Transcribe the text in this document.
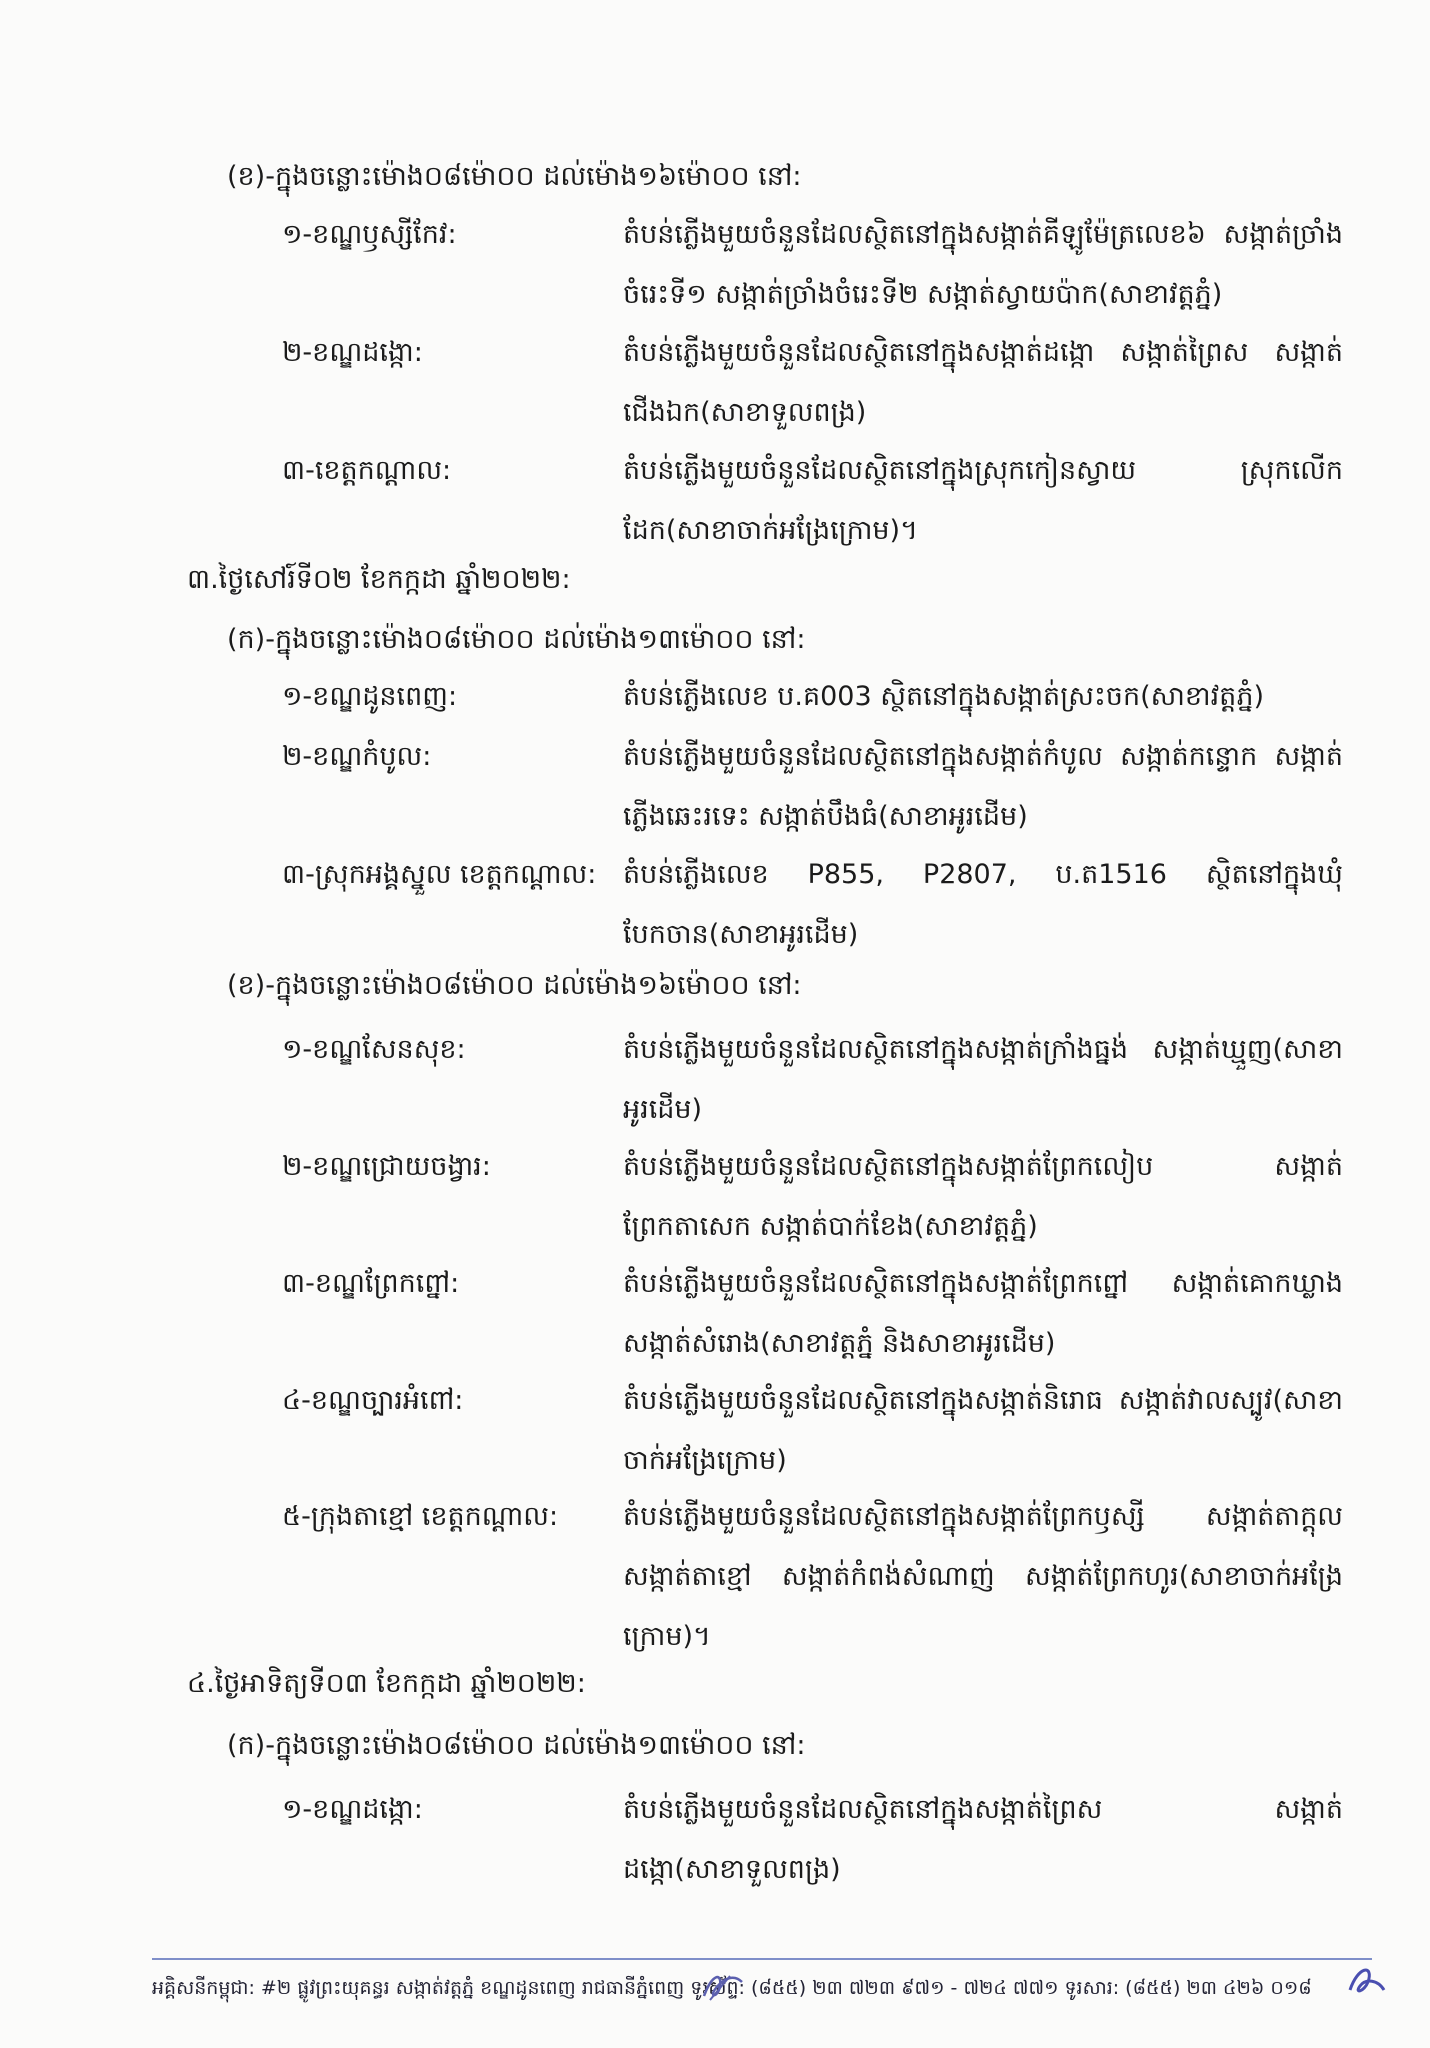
(ខ)-ក្នុងចន្លោះម៉ោង០៨ម៉ោ០០ ដល់ម៉ោង១៦ម៉ោ០០ នៅ:
១-ខណ្ឌឫស្សីកែវ:	តំបន់ភ្លើងមួយចំនួនដែលស្ថិតនៅក្នុងសង្កាត់គីឡូម៉ែត្រលេខ៦ សង្កាត់ច្រាំងចំរេះទី១ សង្កាត់ច្រាំងចំរេះទី២ សង្កាត់ស្វាយប៉ាក(សាខាវត្តភ្នំ)
២-ខណ្ឌដង្កោ:	តំបន់ភ្លើងមួយចំនួនដែលស្ថិតនៅក្នុងសង្កាត់ដង្កោ សង្កាត់ព្រៃស សង្កាត់ជើងឯក(សាខាទួលពង្រ)
៣-ខេត្តកណ្តាល:	តំបន់ភ្លើងមួយចំនួនដែលស្ថិតនៅក្នុងស្រុកកៀនស្វាយ ស្រុកលើកដែក(សាខាចាក់អង្រែក្រោម)។
៣.ថ្ងៃសៅរ៍ទី០២ ខែកក្កដា ឆ្នាំ២០២២:
(ក)-ក្នុងចន្លោះម៉ោង០៨ម៉ោ០០ ដល់ម៉ោង១៣ម៉ោ០០ នៅ:
១-ខណ្ឌដូនពេញ:	តំបន់ភ្លើងលេខ ប.គ003 ស្ថិតនៅក្នុងសង្កាត់ស្រះចក(សាខាវត្តភ្នំ)
២-ខណ្ឌកំបូល:	តំបន់ភ្លើងមួយចំនួនដែលស្ថិតនៅក្នុងសង្កាត់កំបូល សង្កាត់កន្ទោក សង្កាត់ភ្លើងឆេះរទេះ សង្កាត់បឹងធំ(សាខាអូរដើម)
៣-ស្រុកអង្គស្នួល ខេត្តកណ្តាល: តំបន់ភ្លើងលេខ P855, P2807, ប.ត1516 ស្ថិតនៅក្នុងឃុំបែកចាន(សាខាអូរដើម)
(ខ)-ក្នុងចន្លោះម៉ោង០៨ម៉ោ០០ ដល់ម៉ោង១៦ម៉ោ០០ នៅ:
១-ខណ្ឌសែនសុខ:	តំបន់ភ្លើងមួយចំនួនដែលស្ថិតនៅក្នុងសង្កាត់ក្រាំងធ្នង់ សង្កាត់ឃ្មួញ(សាខាអូរដើម)
២-ខណ្ឌជ្រោយចង្វារ:	តំបន់ភ្លើងមួយចំនួនដែលស្ថិតនៅក្នុងសង្កាត់ព្រែកលៀប សង្កាត់ព្រែកតាសេក សង្កាត់បាក់ខែង(សាខាវត្តភ្នំ)
៣-ខណ្ឌព្រែកព្នៅ:	តំបន់ភ្លើងមួយចំនួនដែលស្ថិតនៅក្នុងសង្កាត់ព្រែកព្នៅ សង្កាត់គោកឃ្លាង សង្កាត់សំរោង(សាខាវត្តភ្នំ និងសាខាអូរដើម)
៤-ខណ្ឌច្បារអំពៅ:	តំបន់ភ្លើងមួយចំនួនដែលស្ថិតនៅក្នុងសង្កាត់និរោធ សង្កាត់វាលស្បូវ(សាខាចាក់អង្រែក្រោម)
៥-ក្រុងតាខ្មៅ ខេត្តកណ្តាល: តំបន់ភ្លើងមួយចំនួនដែលស្ថិតនៅក្នុងសង្កាត់ព្រែកឫស្សី សង្កាត់តាក្តុល សង្កាត់តាខ្មៅ សង្កាត់កំពង់សំណាញ់ សង្កាត់ព្រែកហូរ(សាខាចាក់អង្រែក្រោម)។
៤.ថ្ងៃអាទិត្យទី០៣ ខែកក្កដា ឆ្នាំ២០២២:
(ក)-ក្នុងចន្លោះម៉ោង០៨ម៉ោ០០ ដល់ម៉ោង១៣ម៉ោ០០ នៅ:
១-ខណ្ឌដង្កោ:	តំបន់ភ្លើងមួយចំនួនដែលស្ថិតនៅក្នុងសង្កាត់ព្រៃស សង្កាត់ដង្កោ(សាខាទួលពង្រ)
អគ្គិសនីកម្ពុជា: #២ ផ្លូវព្រះយុគន្ធរ សង្កាត់វត្តភ្នំ ខណ្ឌដូនពេញ រាជធានីភ្នំពេញ ទូរស័ព្ទ: (៨៥៥) ២៣ ៧២៣ ៩៧១ - ៧២៤ ៧៧១ ទូរសារ: (៨៥៥) ២៣ ៤២៦ ០១៨
